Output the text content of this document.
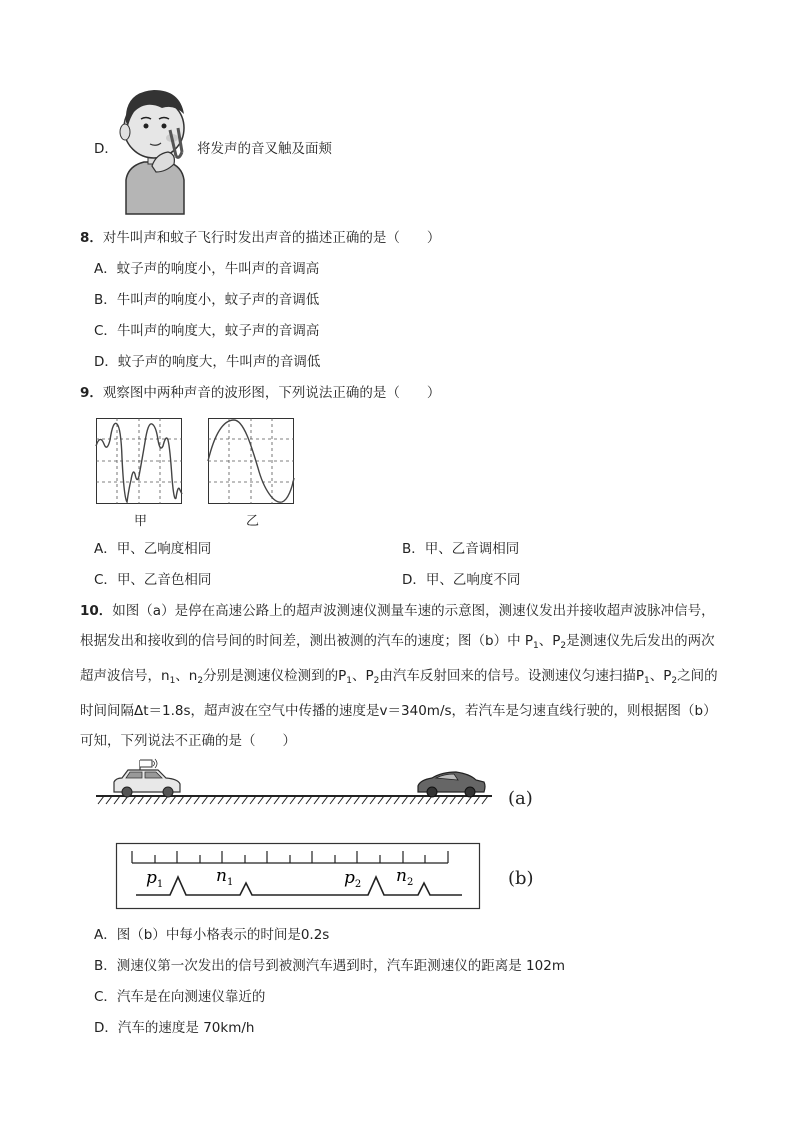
D．	将发声的音叉触及面颊
8．对牛叫声和蚊子飞行时发出声音的描述正确的是（　　）
A．蚊子声的响度小，牛叫声的音调高
B．牛叫声的响度小，蚊子声的音调低
C．牛叫声的响度大，蚊子声的音调高
D．蚊子声的响度大，牛叫声的音调低
9．观察图中两种声音的波形图，下列说法正确的是（　　）
甲	乙
A．甲、乙响度相同	B．甲、乙音调相同
C．甲、乙音色相同	D．甲、乙响度不同
10．如图（a）是停在高速公路上的超声波测速仪测量车速的示意图，测速仪发出并接收超声波脉冲信号，根据发出和接收到的信号间的时间差，测出被测的汽车的速度；图（b）中 $P_1$、$P_2$是测速仪先后发出的两次超声波信号，$n_1$、$n_2$分别是测速仪检测到的$P_1$、$P_2$由汽车反射回来的信号。设测速仪匀速扫描$P_1$、$P_2$之间的时间间隔Δt＝1.8s，超声波在空气中传播的速度是v＝340m/s，若汽车是匀速直线行驶的，则根据图（b）可知，下列说法不正确的是（　　）
(a)
$p_1$	$n_1$	$p_2$ $n_2$	(b)
A．图（b）中每小格表示的时间是0.2s
B．测速仪第一次发出的信号到被测汽车遇到时，汽车距测速仪的距离是 102m
C．汽车是在向测速仪靠近的
D．汽车的速度是 70km/h
